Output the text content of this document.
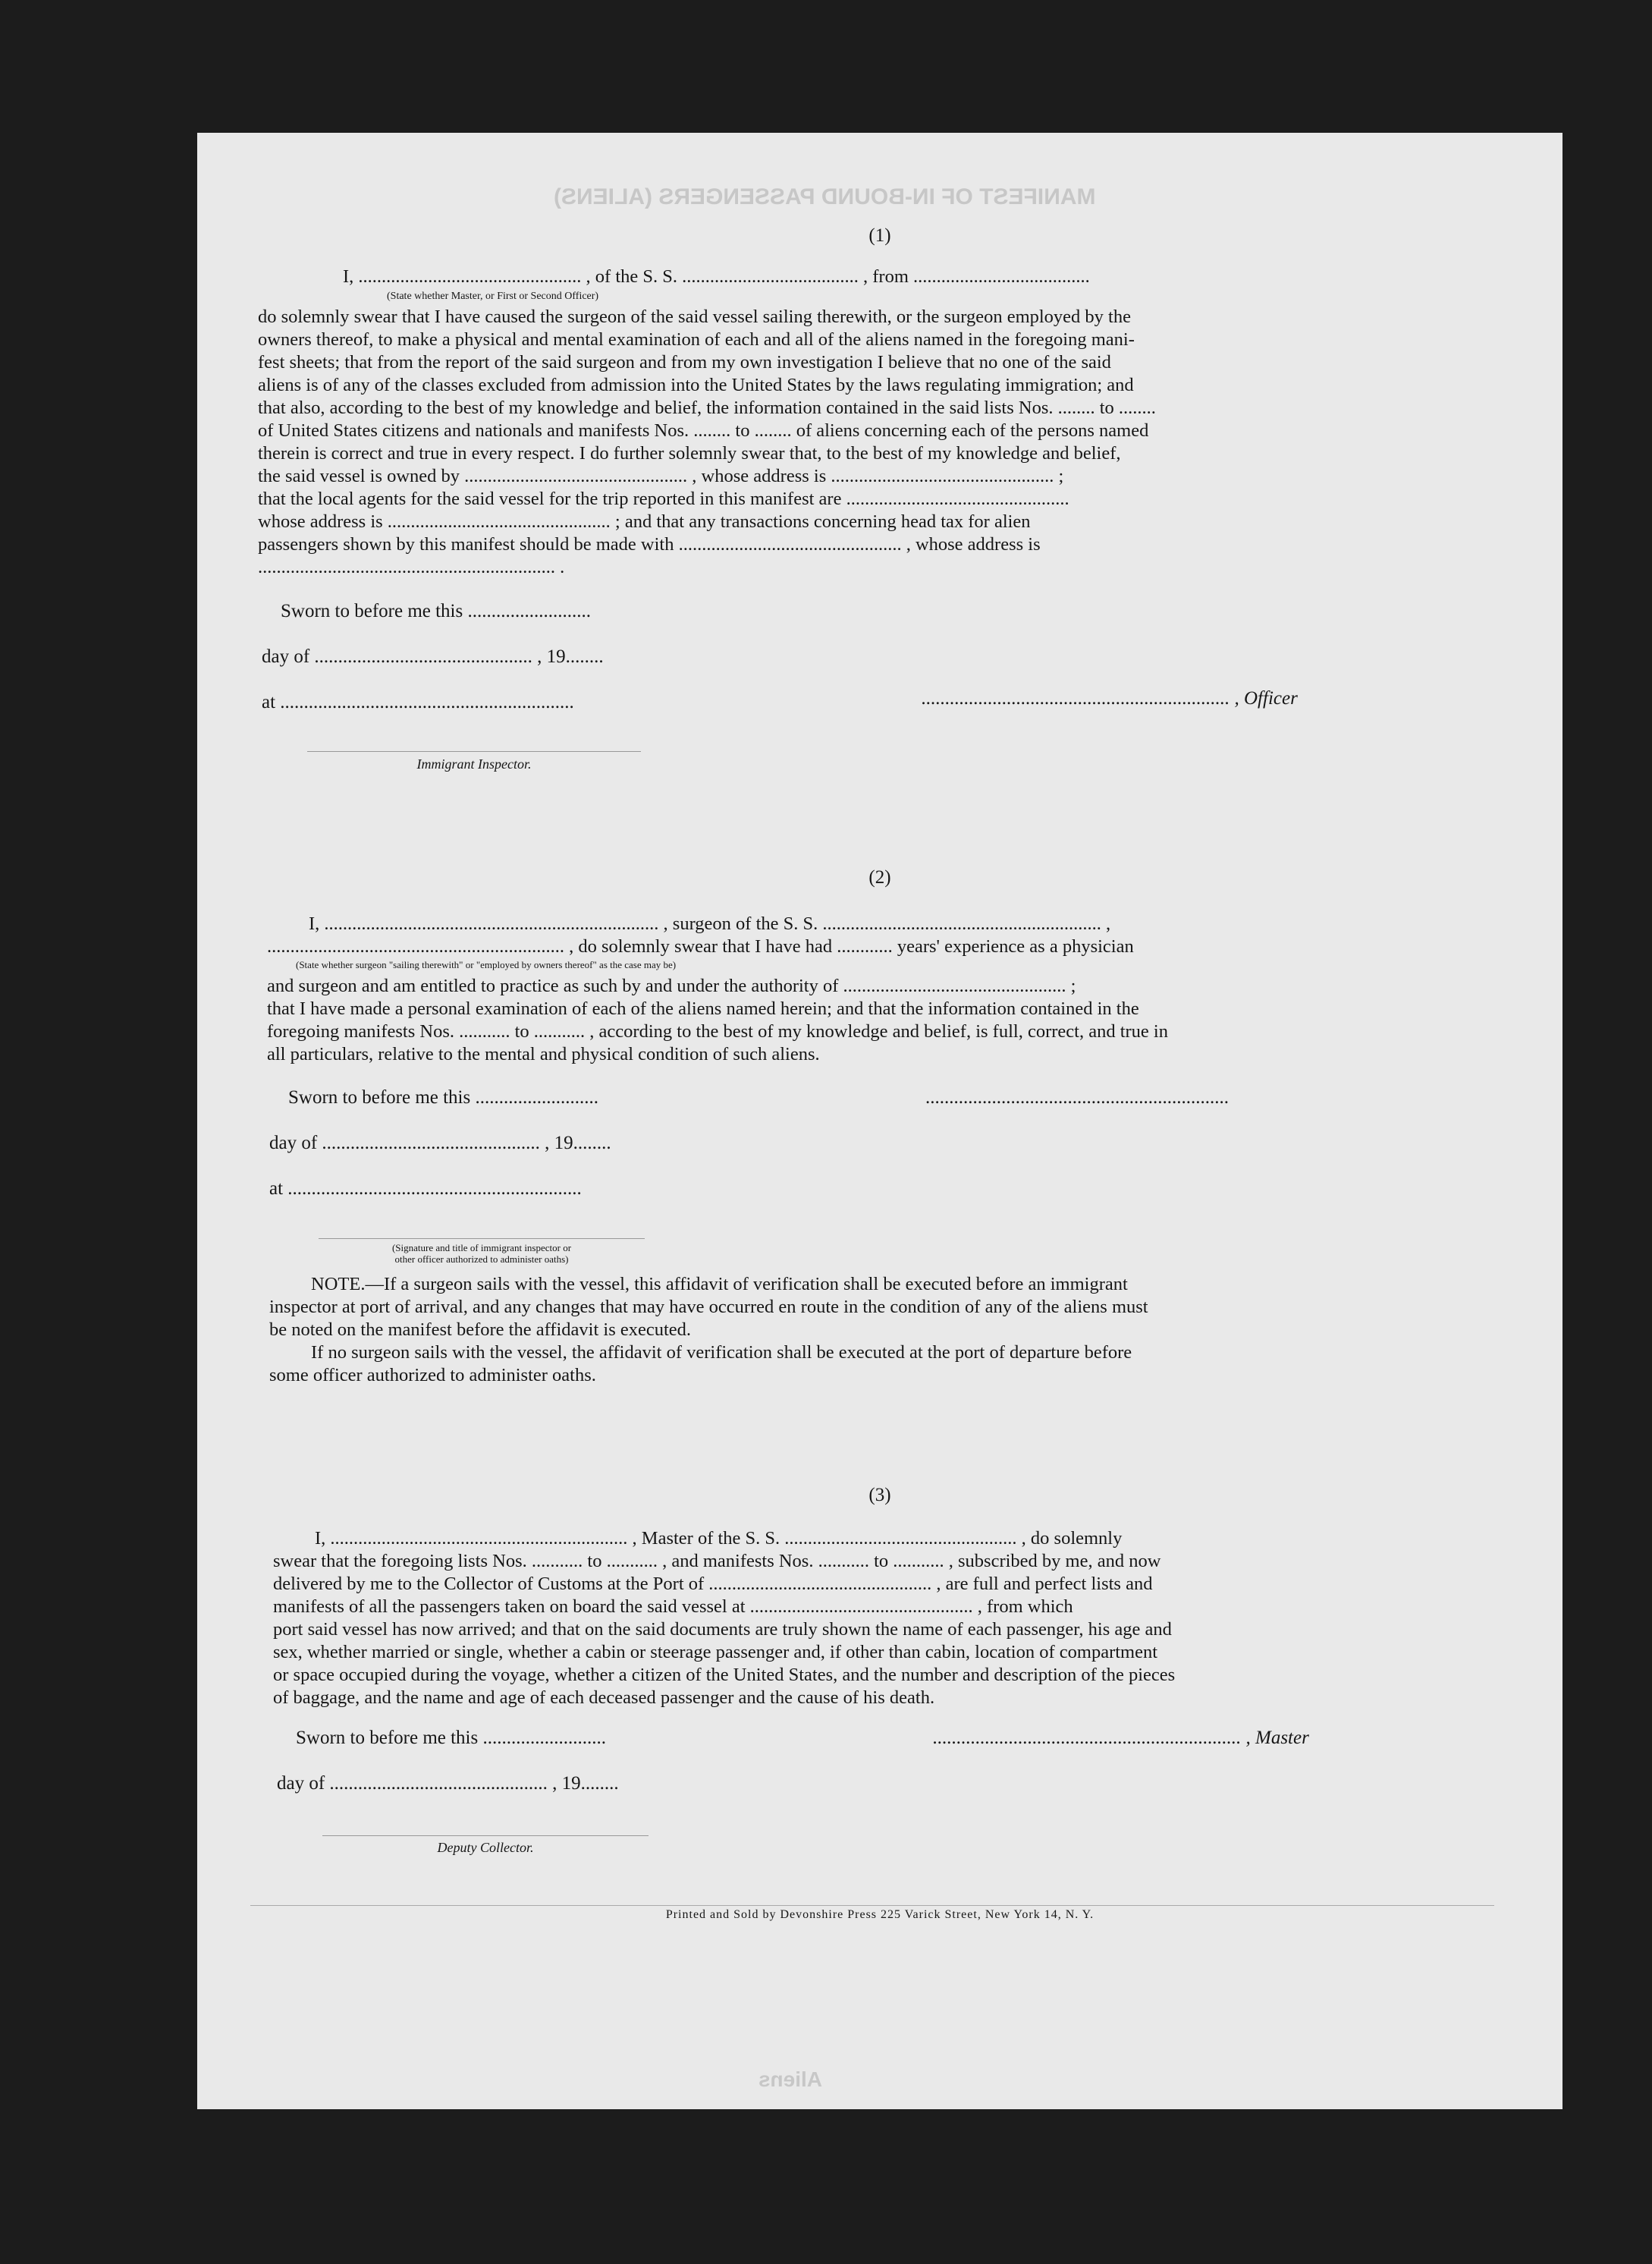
MANIFEST OF IN-BOUND PASSENGERS (ALIENS)
Aliens
(1)
I, ................................................ , of the S. S. ...................................... , from ......................................
(State whether Master, or First or Second Officer)
do solemnly swear that I have caused the surgeon of the said vessel sailing therewith, or the surgeon employed by the
owners thereof, to make a physical and mental examination of each and all of the aliens named in the foregoing mani-
fest sheets; that from the report of the said surgeon and from my own investigation I believe that no one of the said
aliens is of any of the classes excluded from admission into the United States by the laws regulating immigration; and
that also, according to the best of my knowledge and belief, the information contained in the said lists Nos. ........ to ........
of United States citizens and nationals and manifests Nos. ........ to ........ of aliens concerning each of the persons named
therein is correct and true in every respect. I do further solemnly swear that, to the best of my knowledge and belief,
the said vessel is owned by ................................................ , whose address is ................................................ ;
that the local agents for the said vessel for the trip reported in this manifest are ................................................
whose address is ................................................ ; and that any transactions concerning head tax for alien
passengers shown by this manifest should be made with ................................................ , whose address is
................................................................ .
Sworn to before me this ..........................
day of .............................................. , 19........
at ..............................................................	................................................................. , Officer
Immigrant Inspector.
(2)
I, ........................................................................ , surgeon of the S. S. ............................................................ ,
................................................................ , do solemnly swear that I have had ............ years' experience as a physician
(State whether surgeon "sailing therewith" or "employed by owners thereof" as the case may be)
and surgeon and am entitled to practice as such by and under the authority of ................................................ ;
that I have made a personal examination of each of the aliens named herein; and that the information contained in the
foregoing manifests Nos. ........... to ........... , according to the best of my knowledge and belief, is full, correct, and true in
all particulars, relative to the mental and physical condition of such aliens.
Sworn to before me this ..........................	................................................................
day of .............................................. , 19........
at ..............................................................
(Signature and title of immigrant inspector or
other officer authorized to administer oaths)
NOTE.—If a surgeon sails with the vessel, this affidavit of verification shall be executed before an immigrant
inspector at port of arrival, and any changes that may have occurred en route in the condition of any of the aliens must
be noted on the manifest before the affidavit is executed.
If no surgeon sails with the vessel, the affidavit of verification shall be executed at the port of departure before
some officer authorized to administer oaths.
(3)
I, ................................................................ , Master of the S. S. .................................................. , do solemnly
swear that the foregoing lists Nos. ........... to ........... , and manifests Nos. ........... to ........... , subscribed by me, and now
delivered by me to the Collector of Customs at the Port of ................................................ , are full and perfect lists and
manifests of all the passengers taken on board the said vessel at ................................................ , from which
port said vessel has now arrived; and that on the said documents are truly shown the name of each passenger, his age and
sex, whether married or single, whether a cabin or steerage passenger and, if other than cabin, location of compartment
or space occupied during the voyage, whether a citizen of the United States, and the number and description of the pieces
of baggage, and the name and age of each deceased passenger and the cause of his death.
Sworn to before me this ..........................	................................................................. , Master
day of .............................................. , 19........
Deputy Collector.
Printed and Sold by Devonshire Press 225 Varick Street, New York 14, N. Y.
